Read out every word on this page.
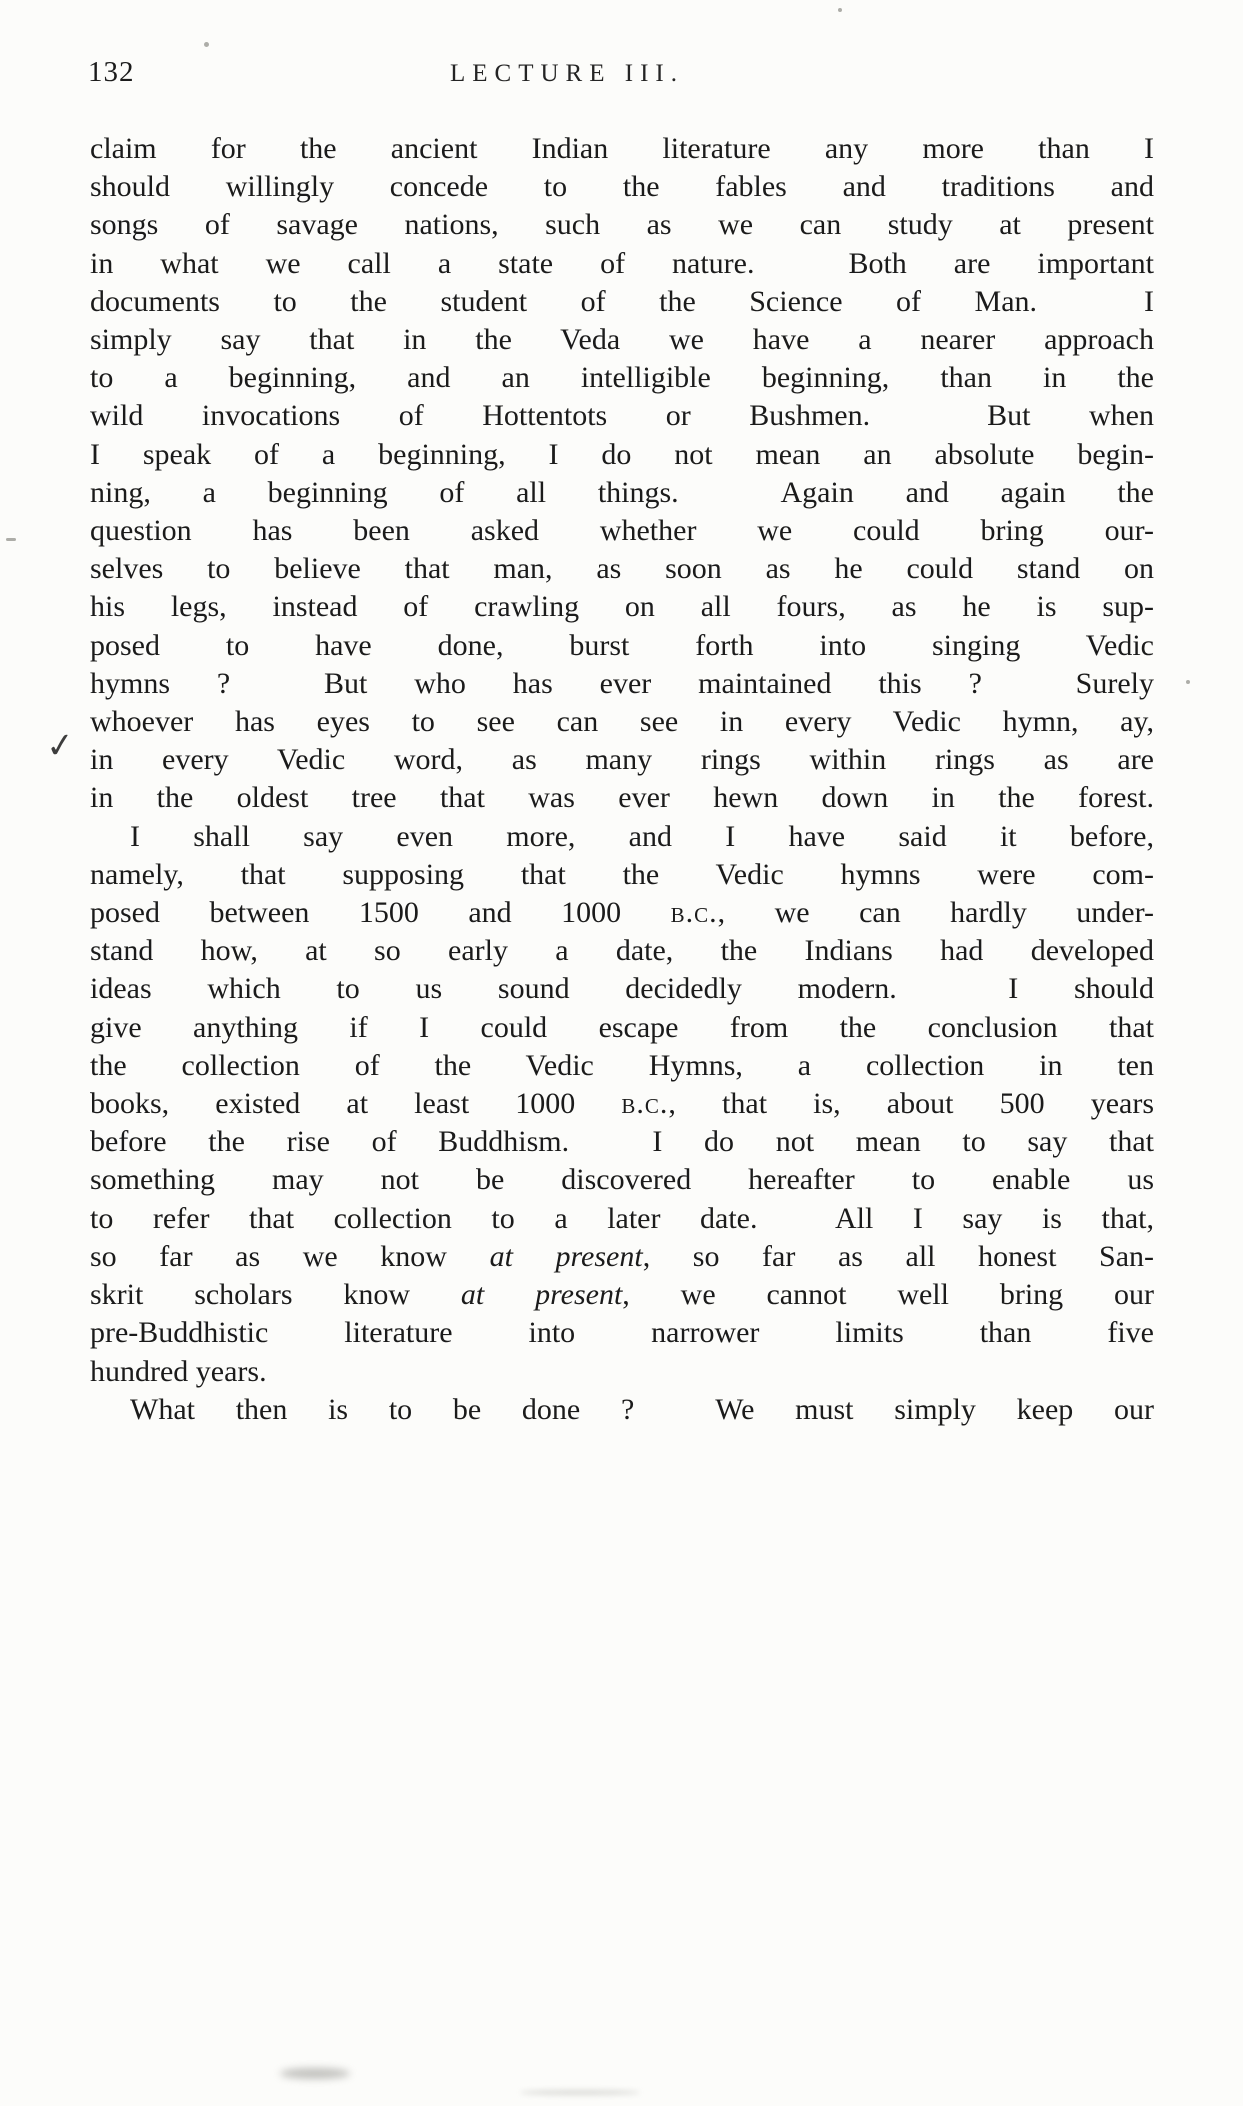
132	LECTURE III.
✓
claim for the ancient Indian literature any more than I
should willingly concede to the fables and traditions and
songs of savage nations, such as we can study at present
in what we call a state of nature.  Both are important
documents to the student of the Science of Man.  I
simply say that in the Veda we have a nearer approach
to a beginning, and an intelligible beginning, than in the
wild invocations of Hottentots or Bushmen.  But when
I speak of a beginning, I do not mean an absolute begin-
ning, a beginning of all things.  Again and again the
question has been asked whether we could bring our-
selves to believe that man, as soon as he could stand on
his legs, instead of crawling on all fours, as he is sup-
posed to have done, burst forth into singing Vedic
hymns ?  But who has ever maintained this ?  Surely
whoever has eyes to see can see in every Vedic hymn, ay,
in every Vedic word, as many rings within rings as are
in the oldest tree that was ever hewn down in the forest.
I shall say even more, and I have said it before,
namely, that supposing that the Vedic hymns were com-
posed between 1500 and 1000 b.c., we can hardly under-
stand how, at so early a date, the Indians had developed
ideas which to us sound decidedly modern.  I should
give anything if I could escape from the conclusion that
the collection of the Vedic Hymns, a collection in ten
books, existed at least 1000 b.c., that is, about 500 years
before the rise of Buddhism.  I do not mean to say that
something may not be discovered hereafter to enable us
to refer that collection to a later date.  All I say is that,
so far as we know at present, so far as all honest San-
skrit scholars know at present, we cannot well bring our
pre-Buddhistic literature into narrower limits than five
hundred years.
What then is to be done ?  We must simply keep our
